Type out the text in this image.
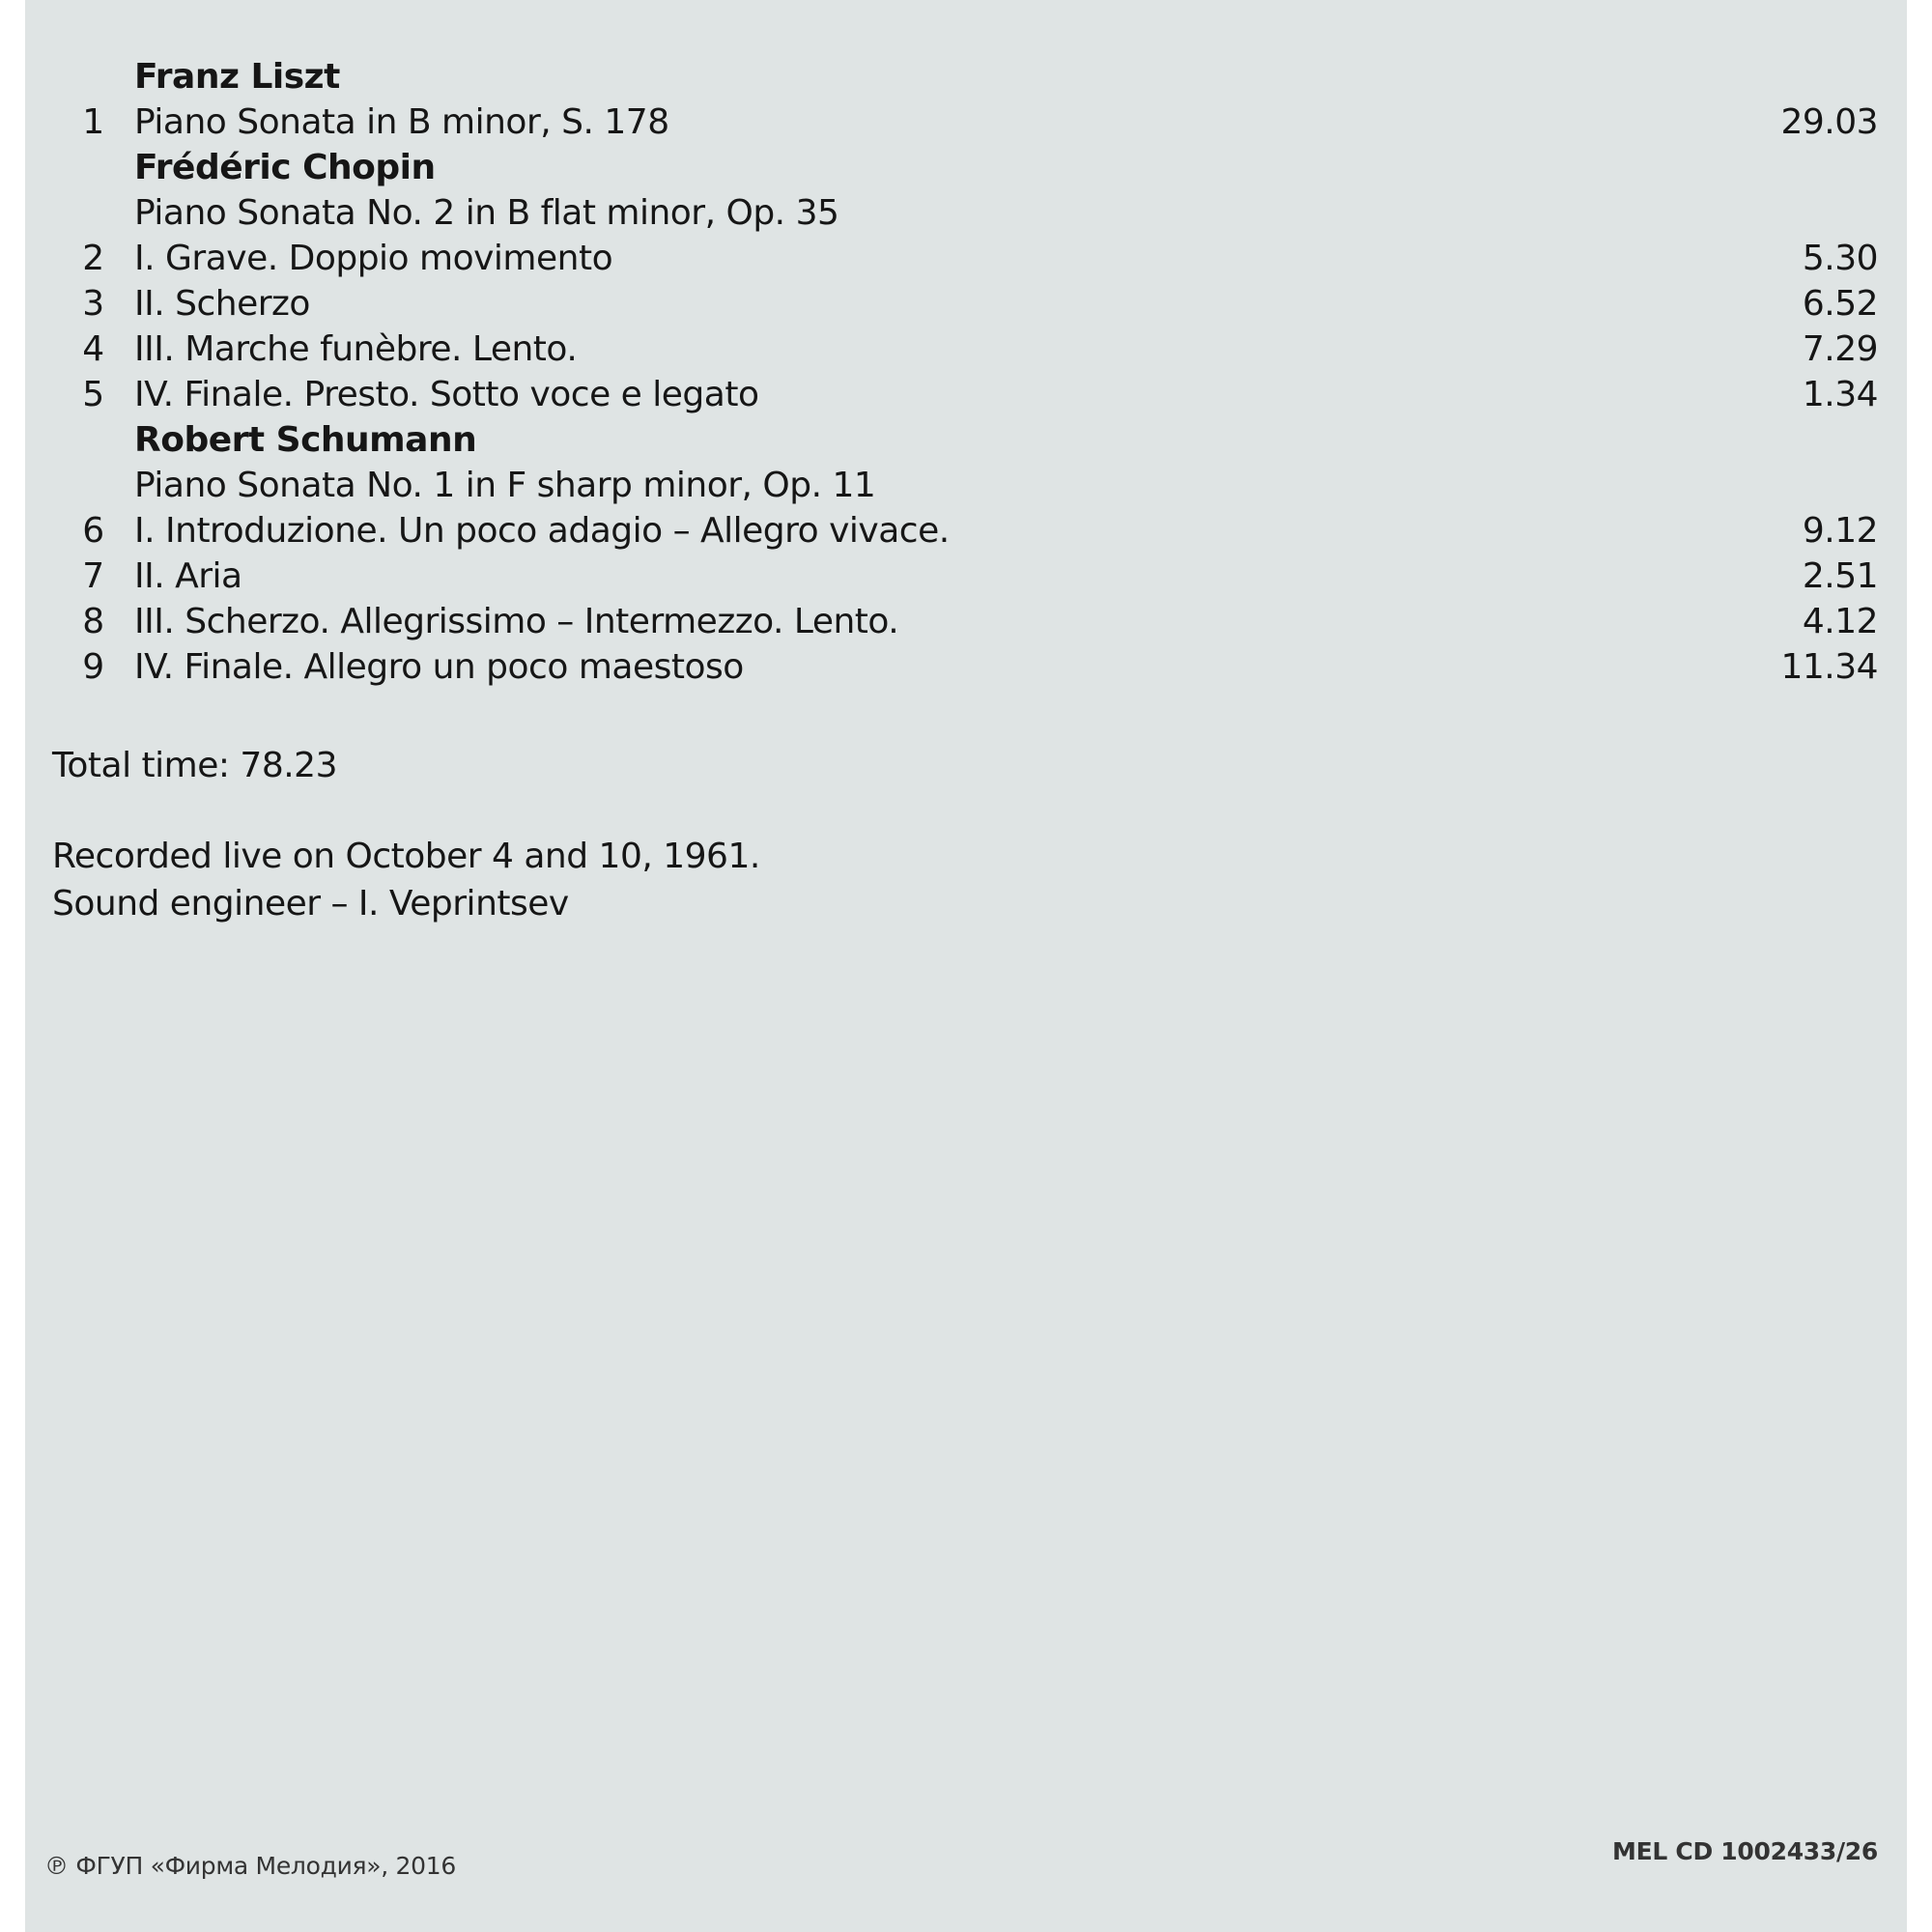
Franz Liszt
1 Piano Sonata in B minor, S. 178	29.03
Frédéric Chopin
Piano Sonata No. 2 in B flat minor, Op. 35
2 I. Grave. Doppio movimento	5.30
3 II. Scherzo	6.52
4 III. Marche funèbre. Lento.	7.29
5 IV. Finale. Presto. Sotto voce e legato	1.34
Robert Schumann
Piano Sonata No. 1 in F sharp minor, Op. 11
6 I. Introduzione. Un poco adagio – Allegro vivace.	9.12
7 II. Aria	2.51
8 III. Scherzo. Allegrissimo – Intermezzo. Lento.	4.12
9 IV. Finale. Allegro un poco maestoso	11.34
Total time: 78.23
Recorded live on October 4 and 10, 1961.
Sound engineer – I. Veprintsev
℗ ФГУП «Фирма Мелодия», 2016
MEL CD 1002433/26
